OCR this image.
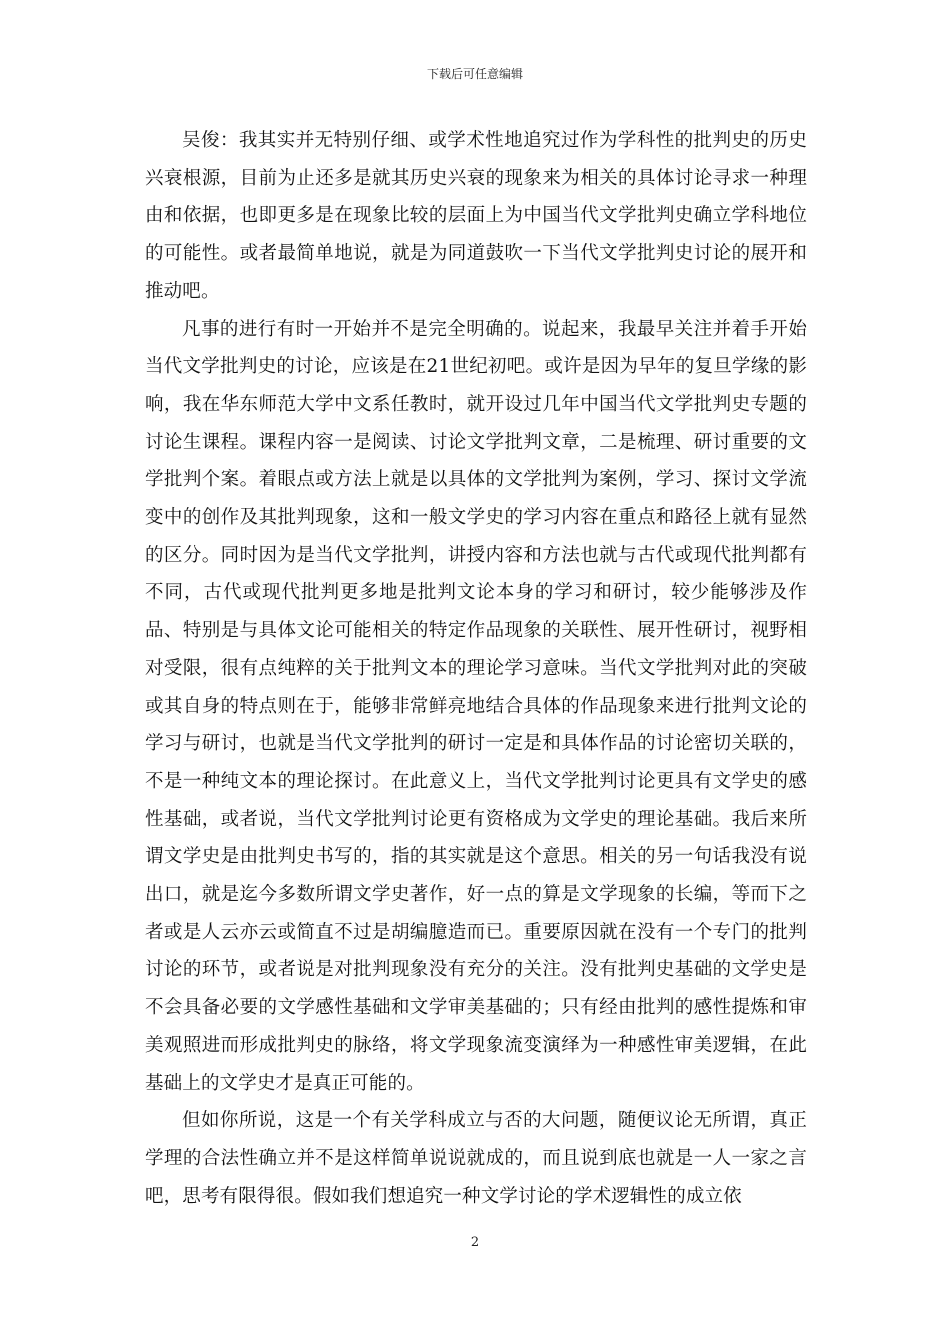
下载后可任意编辑

吴俊：我其实并无特别仔细、或学术性地追究过作为学科性的批判史的历史兴衰根源，目前为止还多是就其历史兴衰的现象来为相关的具体讨论寻求一种理由和依据，也即更多是在现象比较的层面上为中国当代文学批判史确立学科地位的可能性。或者最简单地说，就是为同道鼓吹一下当代文学批判史讨论的展开和推动吧。

凡事的进行有时一开始并不是完全明确的。说起来，我最早关注并着手开始当代文学批判史的讨论，应该是在21世纪初吧。或许是因为早年的复旦学缘的影响，我在华东师范大学中文系任教时，就开设过几年中国当代文学批判史专题的讨论生课程。课程内容一是阅读、讨论文学批判文章，二是梳理、研讨重要的文学批判个案。着眼点或方法上就是以具体的文学批判为案例，学习、探讨文学流变中的创作及其批判现象，这和一般文学史的学习内容在重点和路径上就有显然的区分。同时因为是当代文学批判，讲授内容和方法也就与古代或现代批判都有不同，古代或现代批判更多地是批判文论本身的学习和研讨，较少能够涉及作品、特别是与具体文论可能相关的特定作品现象的关联性、展开性研讨，视野相对受限，很有点纯粹的关于批判文本的理论学习意味。当代文学批判对此的突破或其自身的特点则在于，能够非常鲜亮地结合具体的作品现象来进行批判文论的学习与研讨，也就是当代文学批判的研讨一定是和具体作品的讨论密切关联的，不是一种纯文本的理论探讨。在此意义上，当代文学批判讨论更具有文学史的感性基础，或者说，当代文学批判讨论更有资格成为文学史的理论基础。我后来所谓文学史是由批判史书写的，指的其实就是这个意思。相关的另一句话我没有说出口，就是迄今多数所谓文学史著作，好一点的算是文学现象的长编，等而下之者或是人云亦云或简直不过是胡编臆造而已。重要原因就在没有一个专门的批判讨论的环节，或者说是对批判现象没有充分的关注。没有批判史基础的文学史是不会具备必要的文学感性基础和文学审美基础的；只有经由批判的感性提炼和审美观照进而形成批判史的脉络，将文学现象流变演绎为一种感性审美逻辑，在此基础上的文学史才是真正可能的。

但如你所说，这是一个有关学科成立与否的大问题，随便议论无所谓，真正学理的合法性确立并不是这样简单说说就成的，而且说到底也就是一人一家之言吧，思考有限得很。假如我们想追究一种文学讨论的学术逻辑性的成立依

2
